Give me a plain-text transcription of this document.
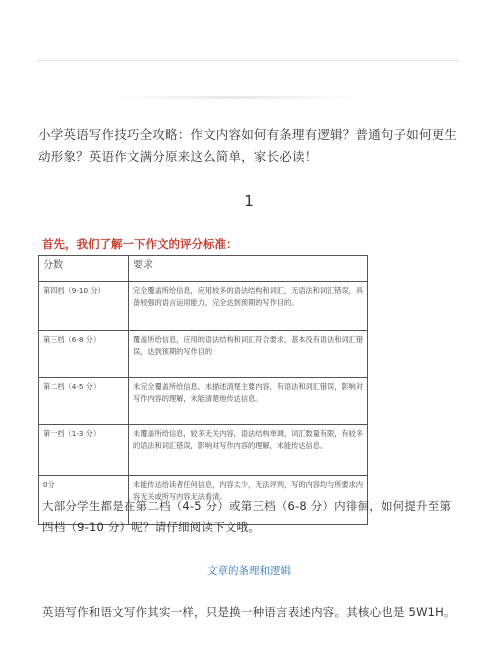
小学英语写作技巧全攻略：作文内容如何有条理有逻辑？普通句子如何更生动形象？英语作文满分原来这么简单，家长必读！
1
首先，我们了解一下作文的评分标准：
分数	要求
第四档（9-10 分）	完全覆盖所给信息，应用较多的语法结构和词汇，无语法和词汇错误，具备较强的语言运用能力，完全达到预期的写作目的。
第三档（6-8 分）	覆盖所给信息，应用的语法结构和词汇符合要求，基本没有语法和词汇错误，达到预期的写作目的
第二档（4-5 分）	未完全覆盖所给信息，未描述清楚主要内容，有语法和词汇错误，影响对写作内容的理解，未能清楚地传达信息。
第一档（1-3 分）	未覆盖所给信息，较多无关内容，语法结构单调，词汇数量有限，有较多的语法和词汇错误，影响对写作内容的理解，未能传达信息。
0分	未能传达给读者任何信息，内容太少，无法评判，写的内容均与所要求内容无关或所写内容无法看清。
大部分学生都是在第二档（4-5 分）或第三档（6-8 分）内徘徊，如何提升至第四档（9-10 分）呢？请仔细阅读下文哦。
文章的条理和逻辑
英语写作和语文写作其实一样，只是换一种语言表述内容。其核心也是 5W1H。
